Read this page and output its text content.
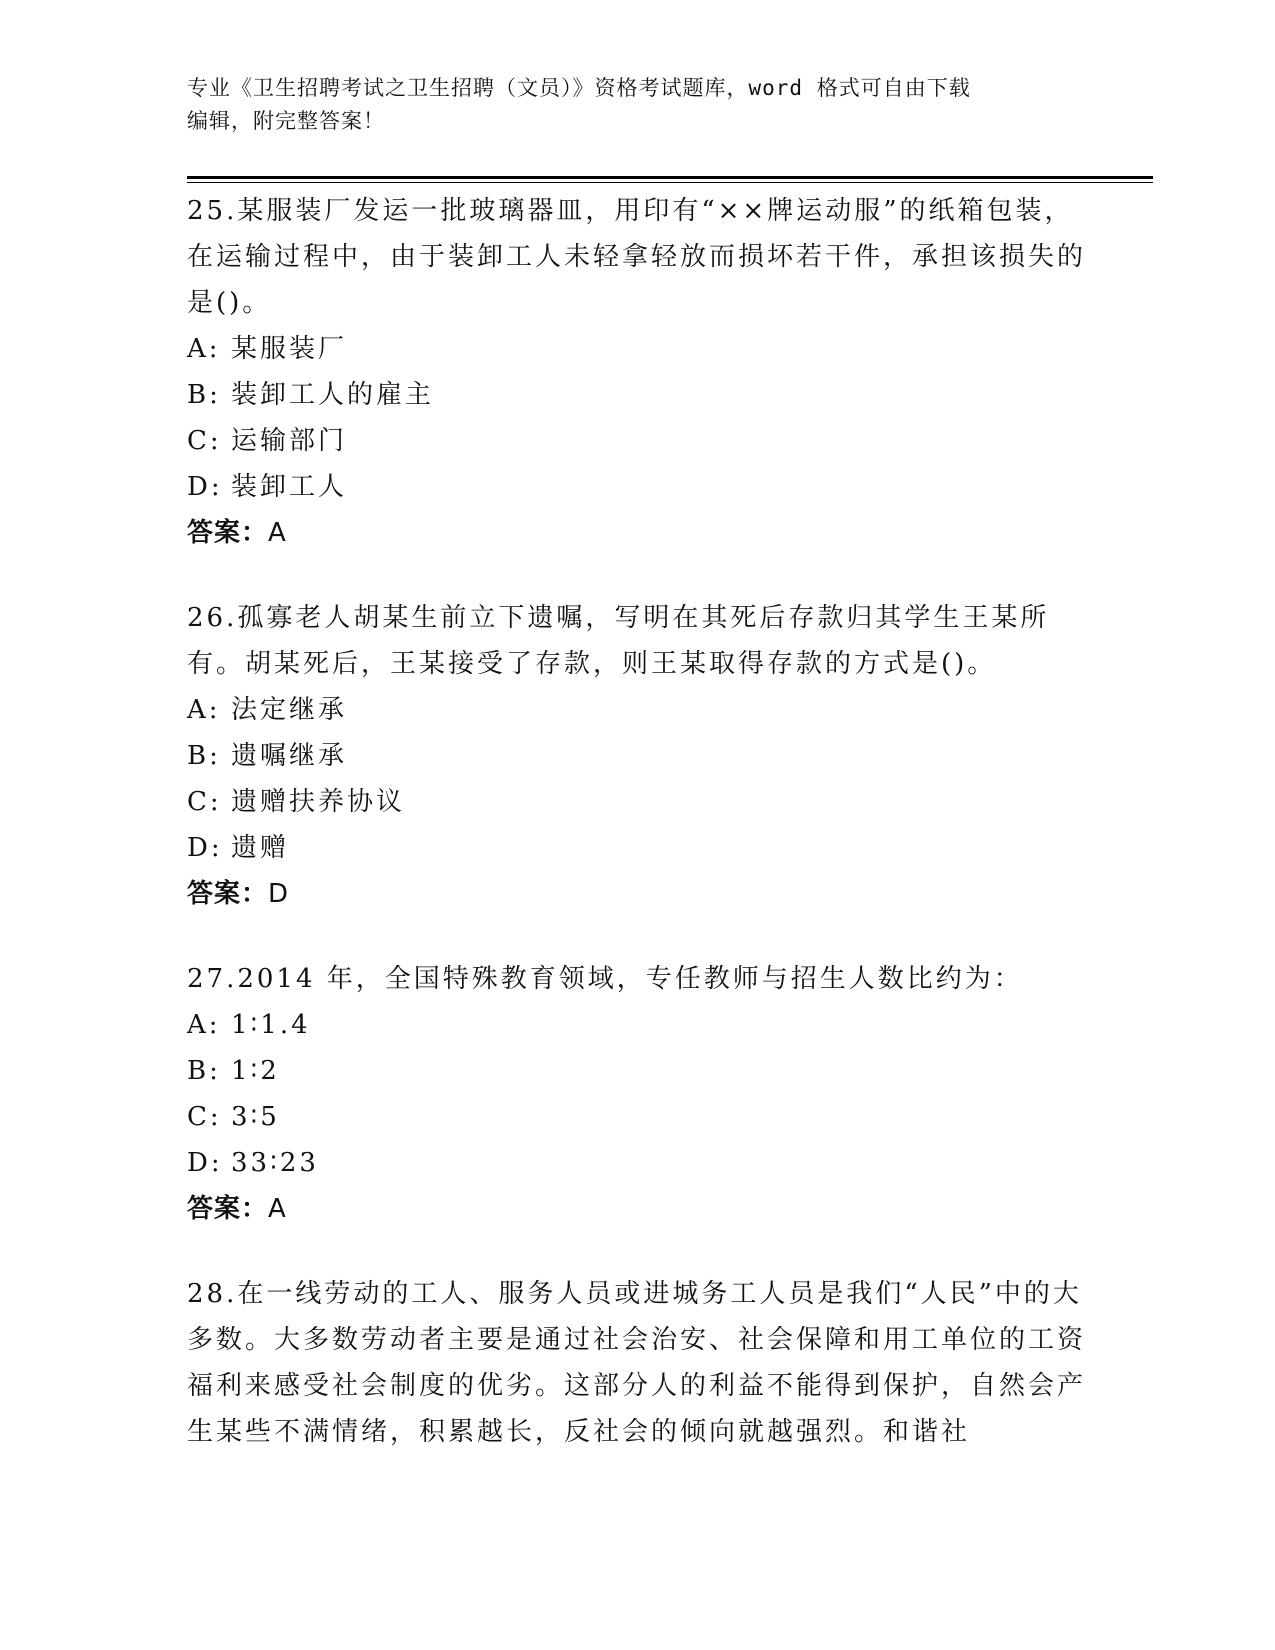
专业《卫生招聘考试之卫生招聘（文员）》资格考试题库，word 格式可自由下载
编辑，附完整答案！

25.某服装厂发运一批玻璃器皿，用印有“××牌运动服”的纸箱包装，在运输过程中，由于装卸工人未轻拿轻放而损坏若干件，承担该损失的是()。

A: 某服装厂

B: 装卸工人的雇主

C: 运输部门

D: 装卸工人

答案：A

26.孤寡老人胡某生前立下遗嘱，写明在其死后存款归其学生王某所有。胡某死后，王某接受了存款，则王某取得存款的方式是()。

A: 法定继承

B: 遗嘱继承

C: 遗赠扶养协议

D: 遗赠

答案：D

27.2014 年，全国特殊教育领域，专任教师与招生人数比约为：

A: 1∶1.4

B: 1∶2

C: 3∶5

D: 33∶23

答案：A

28.在一线劳动的工人、服务人员或进城务工人员是我们“人民”中的大多数。大多数劳动者主要是通过社会治安、社会保障和用工单位的工资福利来感受社会制度的优劣。这部分人的利益不能得到保护，自然会产生某些不满情绪，积累越长，反社会的倾向就越强烈。和谐社
